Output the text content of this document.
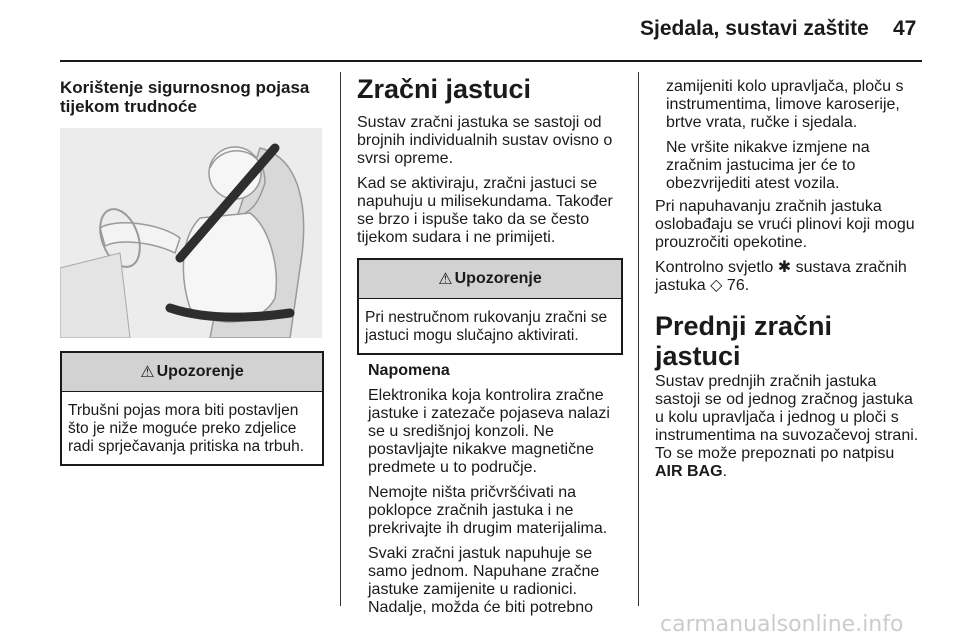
Sjedala, sustavi zaštite 47
Korištenje sigurnosnog pojasa tijekom trudnoće
⚠ Upozorenje
Trbušni pojas mora biti postavljen što je niže moguće preko zdjelice radi sprječavanja pritiska na trbuh.
Zračni jastuci

Sustav zračni jastuka se sastoji od brojnih individualnih sustav ovisno o svrsi opreme.

Kad se aktiviraju, zračni jastuci se napuhuju u milisekundama. Također se brzo i ispuše tako da se često tijekom sudara i ne primijeti.

⚠ Upozorenje
Pri nestručnom rukovanju zračni se jastuci mogu slučajno aktivirati.

Napomena

Elektronika koja kontrolira zračne jastuke i zatezače pojaseva nalazi se u središnjoj konzoli. Ne postavljajte nikakve magnetične predmete u to područje.

Nemojte ništa pričvršćivati na poklopce zračnih jastuka i ne prekrivajte ih drugim materijalima.

Svaki zračni jastuk napuhuje se samo jednom. Napuhane zračne jastuke zamijenite u radionici. Nadalje, možda će biti potrebno

zamijeniti kolo upravljača, ploču s instrumentima, limove karoserije, brtve vrata, ručke i sjedala.

Ne vršite nikakve izmjene na zračnim jastucima jer će to obezvrijediti atest vozila.

Pri napuhavanju zračnih jastuka oslobađaju se vrući plinovi koji mogu prouzročiti opekotine.

Kontrolno svjetlo ✱ sustava zračnih jastuka ◇ 76.

Prednji zračni jastuci

Sustav prednjih zračnih jastuka sastoji se od jednog zračnog jastuka u kolu upravljača i jednog u ploči s instrumentima na suvozačevoj strani. To se može prepoznati po natpisu AIR BAG.

carmanualsonline.info
